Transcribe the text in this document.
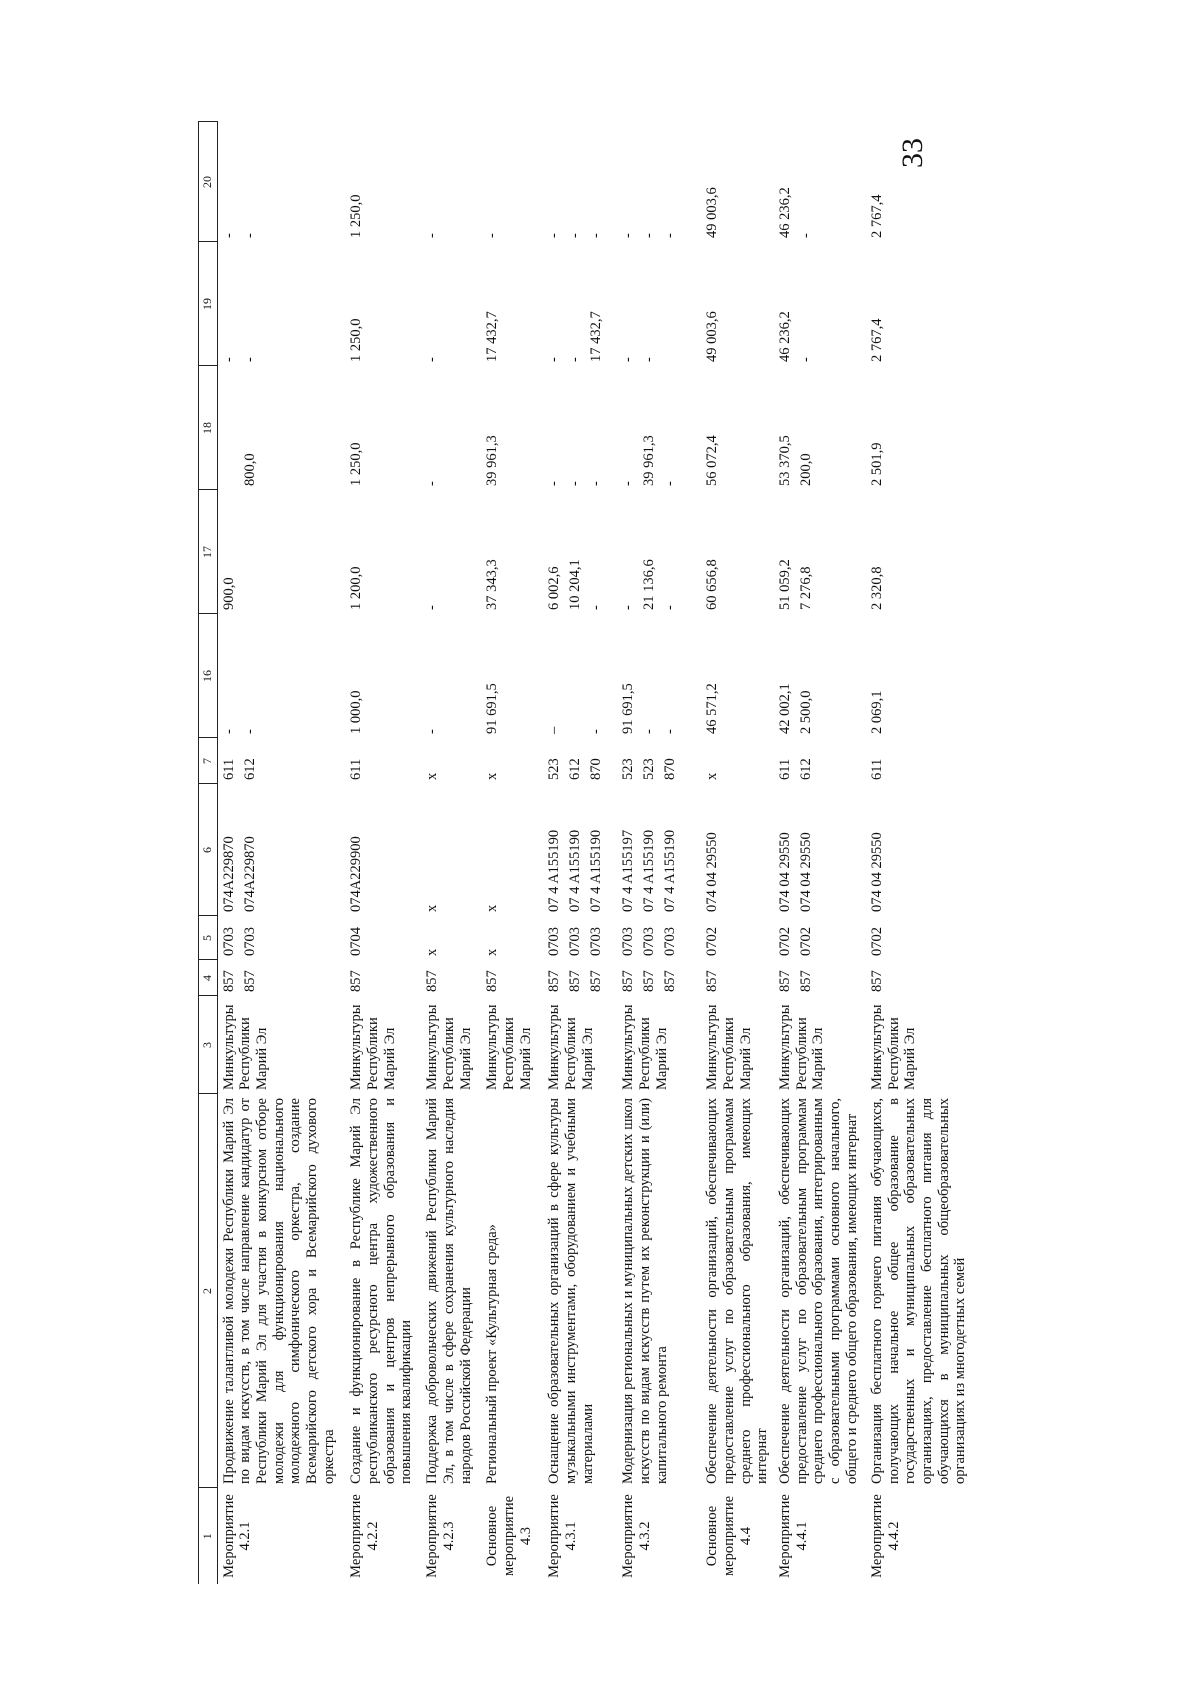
33
1	2	3	4	5	6	7	16	17	18	19	20
Мероприятие 4.2.1	Продвижение талантливой молодежи Республики Марий Эл по видам искусств, в том числе направление кандидатур от Республики Марий Эл для участия в конкурсном отборе молодежи для функционирования национального молодежного симфонического оркестра, создание Всемарийского детского хора и Всемарийского духового оркестра	Минкультуры Республики Марий Эл	857 857	0703 0703	074A229870 074A229870	611 612	- -	900,0	800,0	- -	- -

Мероприятие 4.2.2	Создание и функционирование в Республике Марий Эл республиканского ресурсного центра художественного образования и центров непрерывного образования и повышения квалификации	Минкультуры Республики Марий Эл	857	0704	074A229900	611	1 000,0	1 200,0	1 250,0	1 250,0	1 250,0

Мероприятие 4.2.3	Поддержка добровольческих движений Республики Марий Эл, в том числе в сфере сохранения культурного наследия народов Российской Федерации	Минкультуры Республики Марий Эл	857	х	х	х	-	-	-	-	-

Основное мероприятие 4.3	Региональный проект «Культурная среда»	Минкультуры Республики Марий Эл	857	х	х	х	91 691,5	37 343,3	39 961,3	17 432,7	-

Мероприятие 4.3.1	Оснащение образовательных организаций в сфере культуры музыкальными инструментами, оборудованием и учебными материалами	Минкультуры Республики Марий Эл	857 857 857	0703 0703 0703	07 4 A155190 07 4 A155190 07 4 A155190	523 612 870	– -	6 002,6 10 204,1 -	- - -	- - 17 432,7	- - -

Мероприятие 4.3.2	Модернизация региональных и муниципальных детских школ искусств по видам искусств путем их реконструкции и (или) капитального ремонта	Минкультуры Республики Марий Эл	857 857 857	0703 0703 0703	07 4 A155197 07 4 A155190 07 4 A155190	523 523 870	91 691,5 - -	- 21 136,6 -	- 39 961,3 -	- -	- - -

Основное мероприятие 4.4	Обеспечение деятельности организаций, обеспечивающих предоставление услуг по образовательным программам среднего профессионального образования, имеющих интернат	Минкультуры Республики Марий Эл	857	0702	074 04 29550	х	46 571,2	60 656,8	56 072,4	49 003,6	49 003,6

Мероприятие 4.4.1	Обеспечение деятельности организаций, обеспечивающих предоставление услуг по образовательным программам среднего профессионального образования, интегрированным с образовательными программами основного начального, общего и среднего общего образования, имеющих интернат	Минкультуры Республики Марий Эл	857 857	0702 0702	074 04 29550 074 04 29550	611 612	42 002,1 2 500,0	51 059,2 7 276,8	53 370,5 200,0	46 236,2 -	46 236,2 -

Мероприятие 4.4.2	Организация бесплатного горячего питания обучающихся, получающих начальное общее образование в государственных и муниципальных образовательных организациях, предоставление бесплатного питания для обучающихся в муниципальных общеобразовательных организациях из многодетных семей	Минкультуры Республики Марий Эл	857	0702	074 04 29550	611	2 069,1	2 320,8	2 501,9	2 767,4	2 767,4
